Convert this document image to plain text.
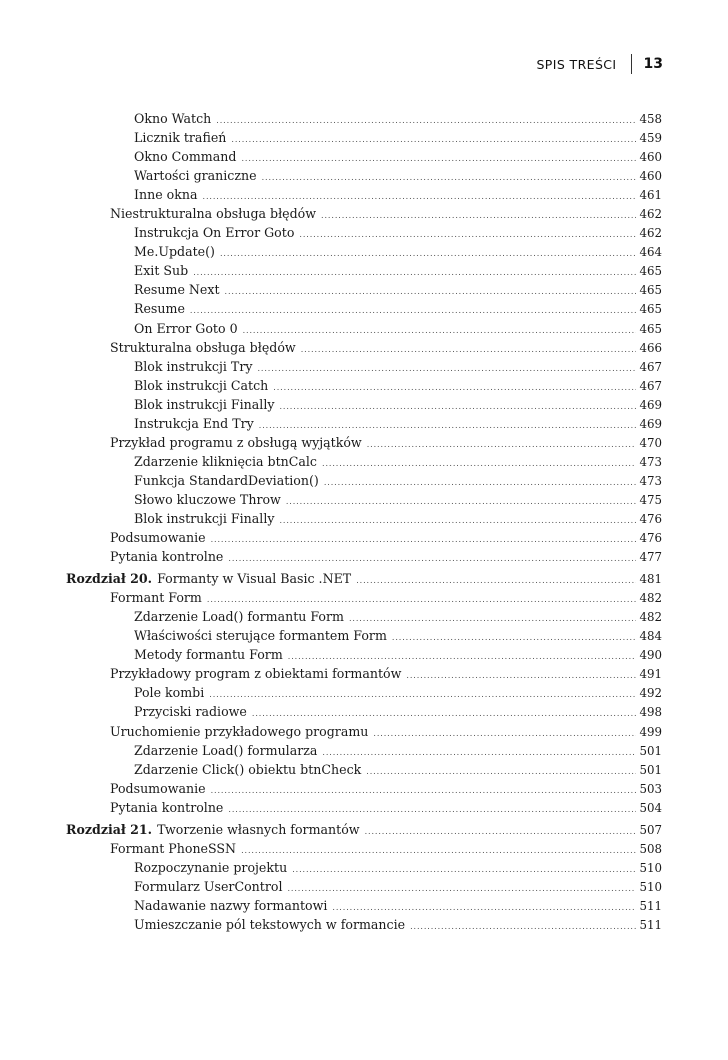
SPIS TREŚCI 13
Okno Watch .....	458
Licznik trafień .....	459
Okno Command .....	460
Wartości graniczne .....	460
Inne okna .....	461
Niestrukturalna obsługa błędów .....	462
Instrukcja On Error Goto .....	462
Me.Update() .....	464
Exit Sub .....	465
Resume Next .....	465
Resume .....	465
On Error Goto 0 .....	465
Strukturalna obsługa błędów .....	466
Blok instrukcji Try .....	467
Blok instrukcji Catch .....	467
Blok instrukcji Finally .....	469
Instrukcja End Try .....	469
Przykład programu z obsługą wyjątków .....	470
Zdarzenie kliknięcia btnCalc .....	473
Funkcja StandardDeviation() .....	473
Słowo kluczowe Throw .....	475
Blok instrukcji Finally .....	476
Podsumowanie .....	476
Pytania kontrolne .....	477
Rozdział 20. Formanty w Visual Basic .NET .....	481
Formant Form .....	482
Zdarzenie Load() formantu Form .....	482
Właściwości sterujące formantem Form .....	484
Metody formantu Form .....	490
Przykładowy program z obiektami formantów .....	491
Pole kombi .....	492
Przyciski radiowe .....	498
Uruchomienie przykładowego programu .....	499
Zdarzenie Load() formularza .....	501
Zdarzenie Click() obiektu btnCheck .....	501
Podsumowanie .....	503
Pytania kontrolne .....	504
Rozdział 21. Tworzenie własnych formantów .....	507
Formant PhoneSSN .....	508
Rozpoczynanie projektu .....	510
Formularz UserControl .....	510
Nadawanie nazwy formantowi .....	511
Umieszczanie pól tekstowych w formancie .....	511
